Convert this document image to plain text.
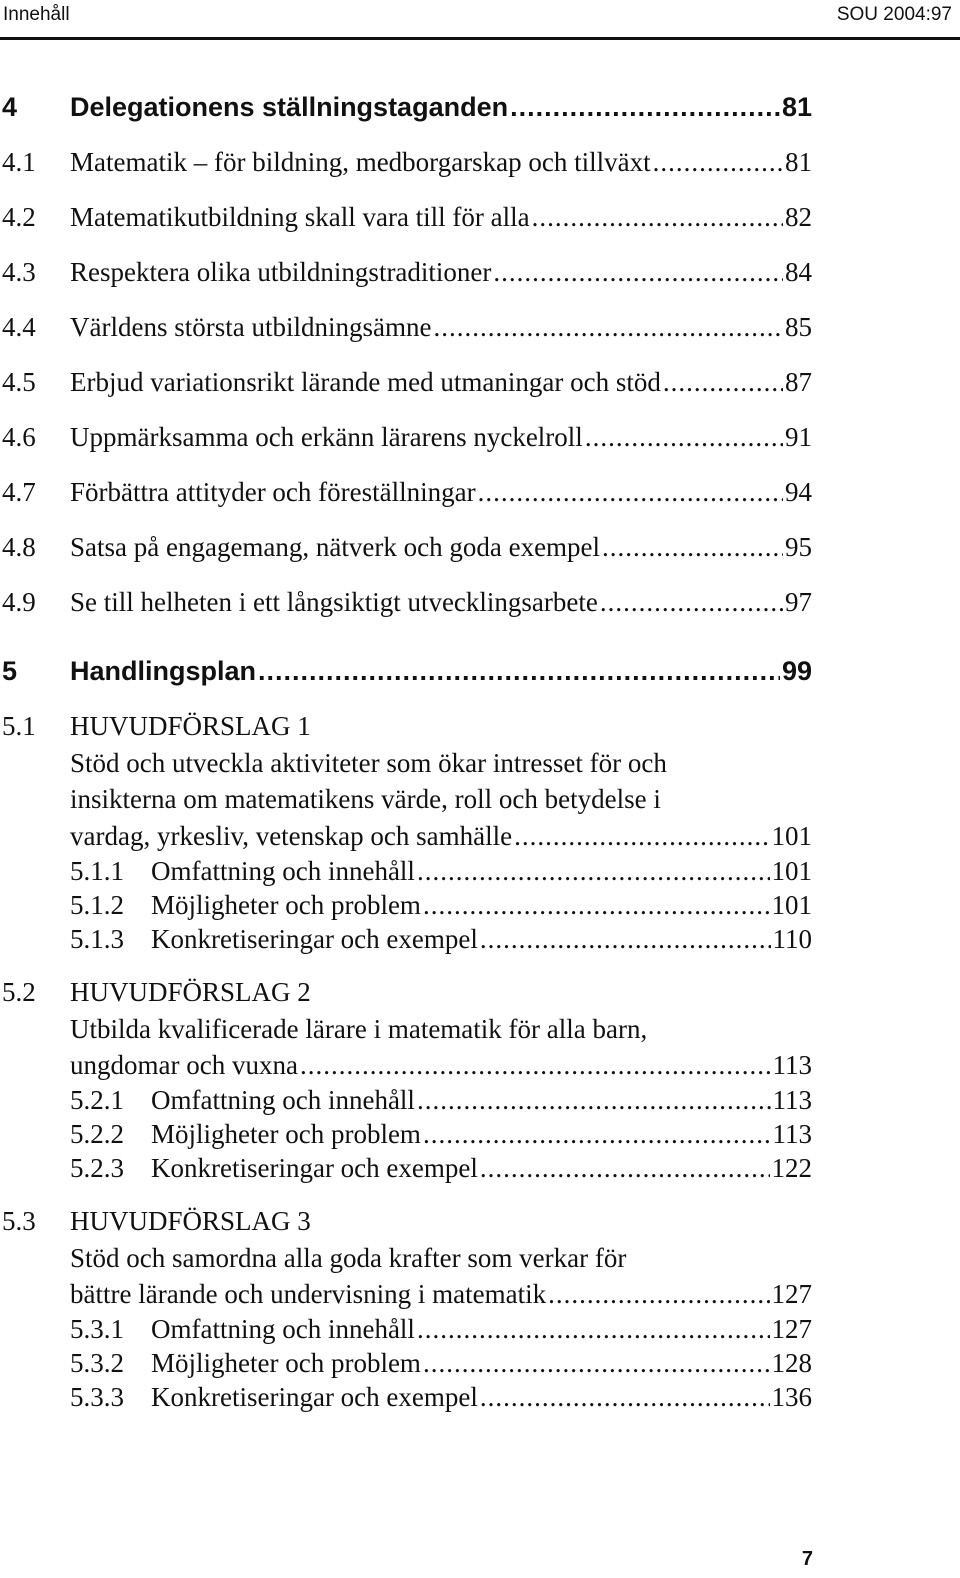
Innehåll	SOU 2004:97
4 Delegationens ställningstaganden .....	81
4.1 Matematik – för bildning, medborgarskap och tillväxt .....	81
4.2 Matematikutbildning skall vara till för alla .....	82
4.3 Respektera olika utbildningstraditioner .....	84
4.4 Världens största utbildningsämne .....	85
4.5 Erbjud variationsrikt lärande med utmaningar och stöd .....	87
4.6 Uppmärksamma och erkänn lärarens nyckelroll .....	91
4.7 Förbättra attityder och föreställningar .....	94
4.8 Satsa på engagemang, nätverk och goda exempel .....	95
4.9 Se till helheten i ett långsiktigt utvecklingsarbete .....	97
5 Handlingsplan .....	99
5.1 HUVUDFÖRSLAG 1
Stöd och utveckla aktiviteter som ökar intresset för och
insikterna om matematikens värde, roll och betydelse i
vardag, yrkesliv, vetenskap och samhälle .....	101
5.1.1 Omfattning och innehåll .....	101
5.1.2 Möjligheter och problem .....	101
5.1.3 Konkretiseringar och exempel .....	110
5.2 HUVUDFÖRSLAG 2
Utbilda kvalificerade lärare i matematik för alla barn,
ungdomar och vuxna .....	113
5.2.1 Omfattning och innehåll .....	113
5.2.2 Möjligheter och problem .....	113
5.2.3 Konkretiseringar och exempel .....	122
5.3 HUVUDFÖRSLAG 3
Stöd och samordna alla goda krafter som verkar för
bättre lärande och undervisning i matematik .....	127
5.3.1 Omfattning och innehåll .....	127
5.3.2 Möjligheter och problem .....	128
5.3.3 Konkretiseringar och exempel .....	136
7
